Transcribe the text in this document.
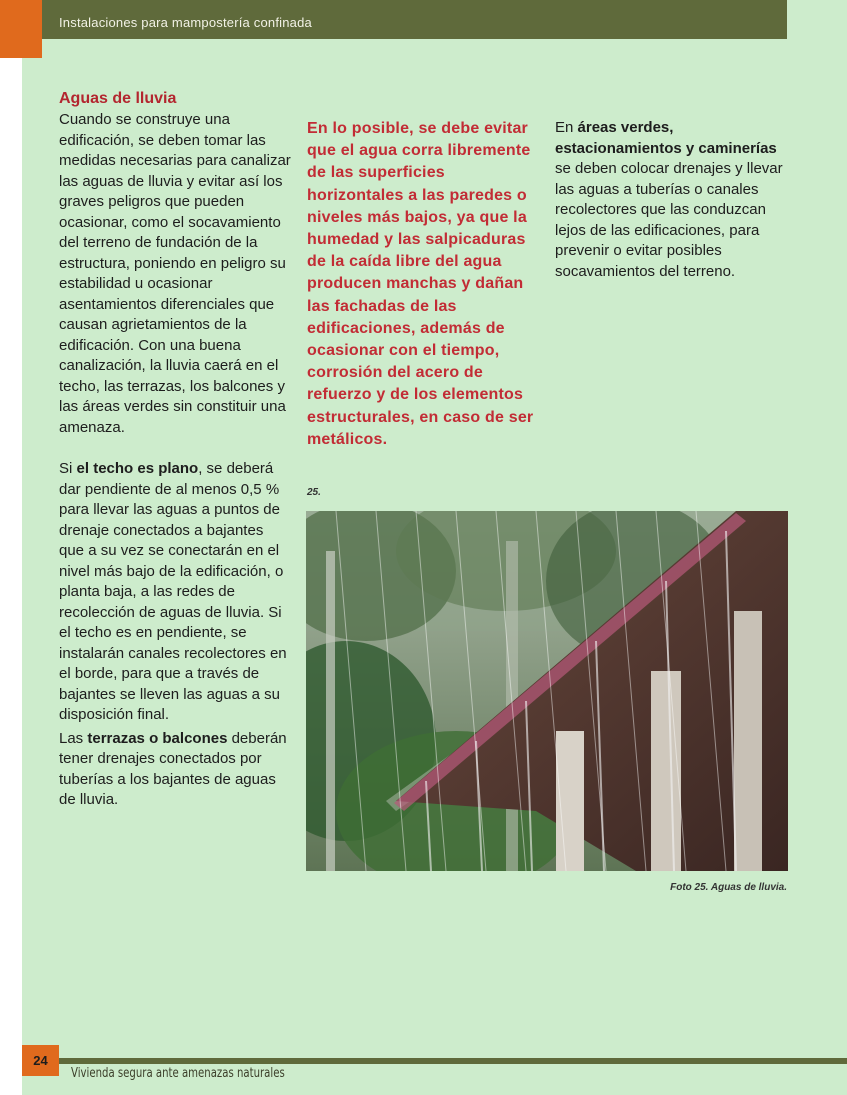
Instalaciones para mampostería confinada

Aguas de lluvia

Cuando se construye una edificación, se deben tomar las medidas necesarias para canalizar las aguas de lluvia y evitar así los graves peligros que pueden ocasionar, como el socavamiento del terreno de fundación de la estructura, poniendo en peligro su estabilidad u ocasionar asentamientos diferenciales que causan agrietamientos de la edificación. Con una buena canalización, la lluvia caerá en el techo, las terrazas, los balcones y las áreas verdes sin constituir una amenaza.

Si el techo es plano, se deberá dar pendiente de al menos 0,5 % para llevar las aguas a puntos de drenaje conectados a bajantes que a su vez se conectarán en el nivel más bajo de la edificación, o planta baja, a las redes de recolección de aguas de lluvia. Si el techo es en pendiente, se instalarán canales recolectores en el borde, para que a través de bajantes se lleven las aguas a su disposición final.

Las terrazas o balcones deberán tener drenajes conectados por tuberías a los bajantes de aguas de lluvia.

En lo posible, se debe evitar que el agua corra libremente de las superficies horizontales a las paredes o niveles más bajos, ya que la humedad y las salpicaduras de la caída libre del agua producen manchas y dañan las fachadas de las edificaciones, además de ocasionar con el tiempo, corrosión del acero de refuerzo y de los elementos estructurales, en caso de ser metálicos.

En áreas verdes, estacionamientos y caminerías se deben colocar drenajes y llevar las aguas a tuberías o canales recolectores que las conduzcan lejos de las edificaciones, para prevenir o evitar posibles socavamientos del terreno.

25.
Foto 25. Aguas de lluvia.
24
Vivienda segura ante amenazas naturales
